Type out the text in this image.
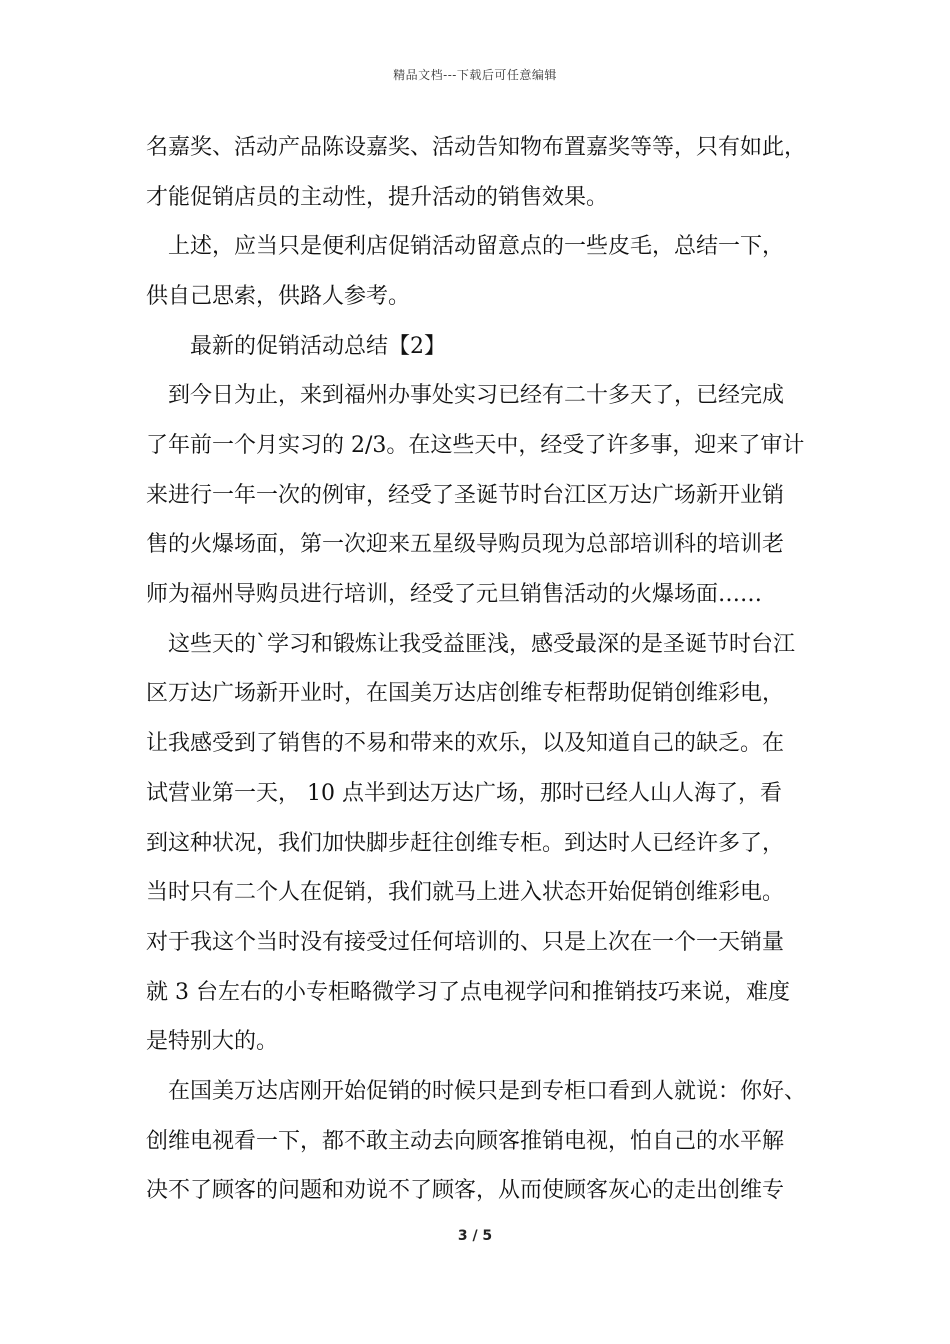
精品文档---下载后可任意编辑
名嘉奖、活动产品陈设嘉奖、活动告知物布置嘉奖等等，只有如此，
才能促销店员的主动性，提升活动的销售效果。
上述，应当只是便利店促销活动留意点的一些皮毛，总结一下，
供自己思索，供路人参考。
最新的促销活动总结【2】
到今日为止，来到福州办事处实习已经有二十多天了，已经完成
了年前一个月实习的 2/3。在这些天中，经受了许多事，迎来了审计
来进行一年一次的例审，经受了圣诞节时台江区万达广场新开业销
售的火爆场面，第一次迎来五星级导购员现为总部培训科的培训老
师为福州导购员进行培训，经受了元旦销售活动的火爆场面……
这些天的`学习和锻炼让我受益匪浅，感受最深的是圣诞节时台江
区万达广场新开业时，在国美万达店创维专柜帮助促销创维彩电，
让我感受到了销售的不易和带来的欢乐，以及知道自己的缺乏。在
试营业第一天， 10 点半到达万达广场，那时已经人山人海了，看
到这种状况，我们加快脚步赶往创维专柜。到达时人已经许多了，
当时只有二个人在促销，我们就马上进入状态开始促销创维彩电。
对于我这个当时没有接受过任何培训的、只是上次在一个一天销量
就 3 台左右的小专柜略微学习了点电视学问和推销技巧来说，难度
是特别大的。
在国美万达店刚开始促销的时候只是到专柜口看到人就说：你好、
创维电视看一下，都不敢主动去向顾客推销电视，怕自己的水平解
决不了顾客的问题和劝说不了顾客，从而使顾客灰心的走出创维专
3 / 5
